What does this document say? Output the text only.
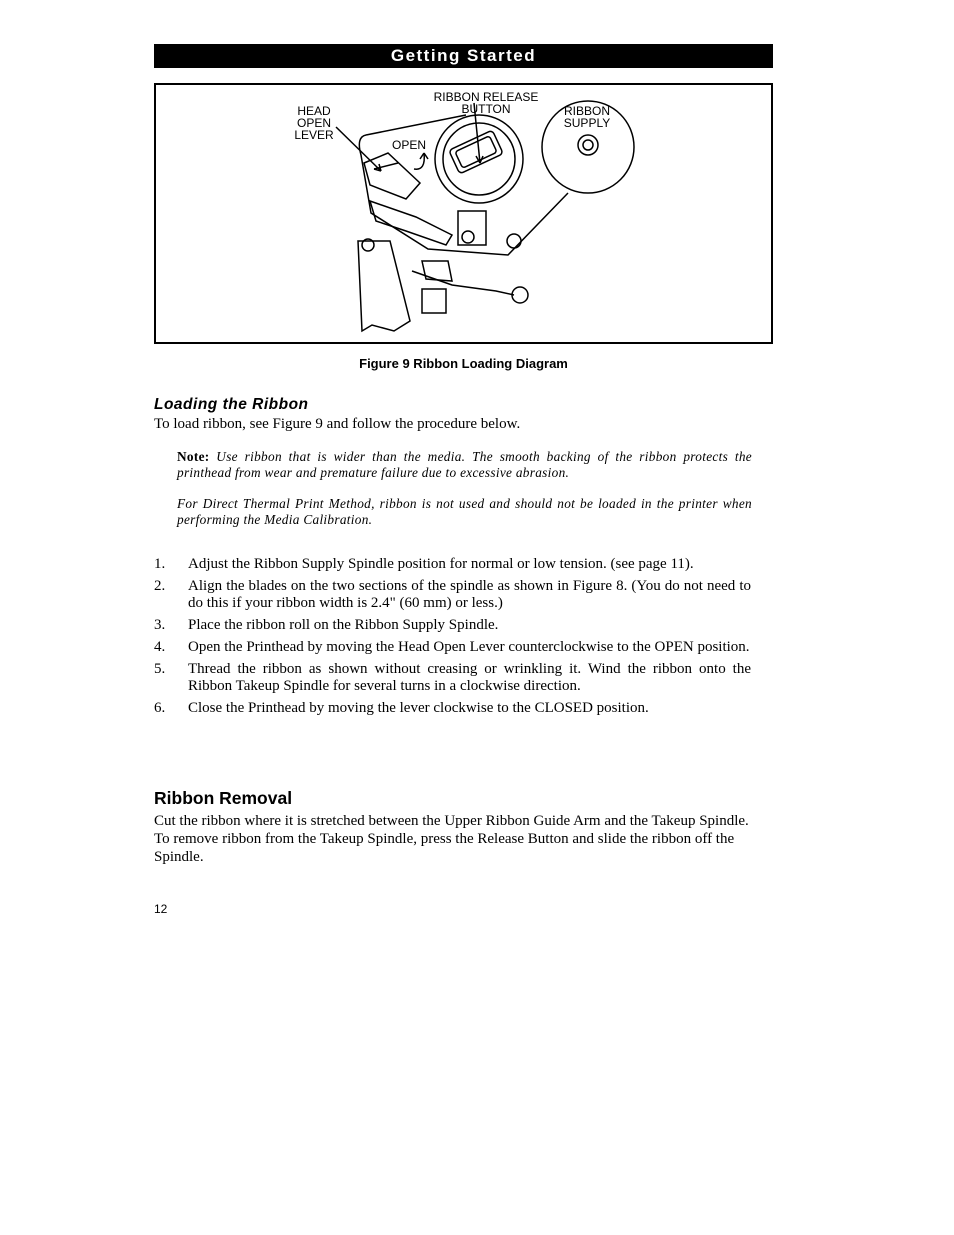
Getting Started
HEAD
OPEN
LEVER
RIBBON RELEASE
BUTTON	RIBBON
SUPPLY
OPEN
Figure 9 Ribbon Loading Diagram
Loading the Ribbon
To load ribbon, see Figure 9 and follow the procedure below.
Note: Use ribbon that is wider than the media. The smooth backing of the ribbon protects the printhead from wear and premature failure due to excessive abrasion.
For Direct Thermal Print Method, ribbon is not used and should not be loaded in the printer when performing the Media Calibration.
1. Adjust the Ribbon Supply Spindle position for normal or low tension. (see page 11).
2. Align the blades on the two sections of the spindle as shown in Figure 8. (You do not need to do this if your ribbon width is 2.4" (60 mm) or less.)
3. Place the ribbon roll on the Ribbon Supply Spindle.
4. Open the Printhead by moving the Head Open Lever counterclockwise to the OPEN position.
5. Thread the ribbon as shown without creasing or wrinkling it. Wind the ribbon onto the Ribbon Takeup Spindle for several turns in a clockwise direction.
6. Close the Printhead by moving the lever clockwise to the CLOSED position.
Ribbon Removal
Cut the ribbon where it is stretched between the Upper Ribbon Guide Arm and the Takeup Spindle. To remove ribbon from the Takeup Spindle, press the Release Button and slide the ribbon off the Spindle.
12
